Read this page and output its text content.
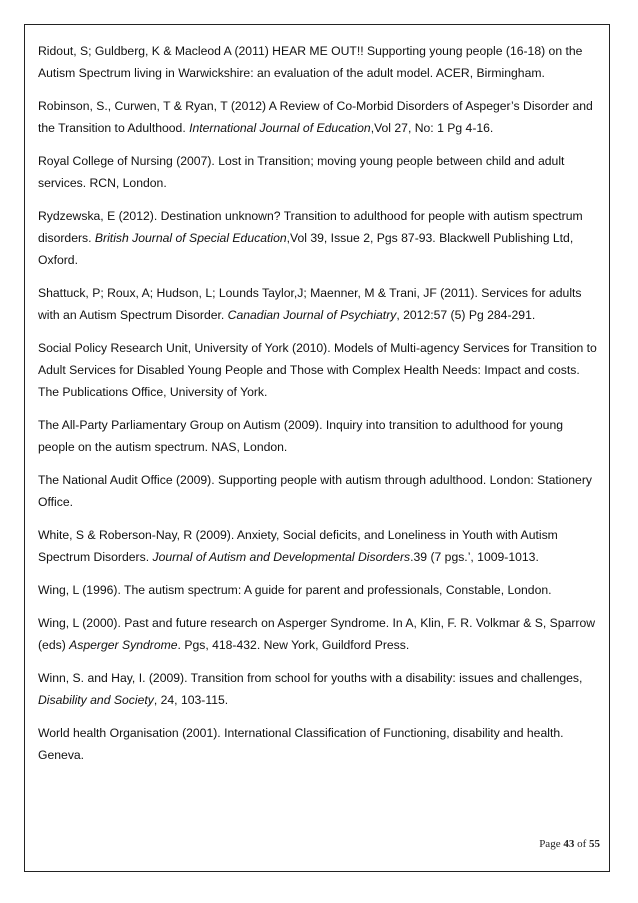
Ridout, S; Guldberg, K & Macleod A (2011) HEAR ME OUT!! Supporting young people (16-18) on the Autism Spectrum living in Warwickshire: an evaluation of the adult model. ACER, Birmingham.

Robinson, S., Curwen, T & Ryan, T (2012) A Review of Co-Morbid Disorders of Aspeger’s Disorder and the Transition to Adulthood. International Journal of Education,Vol 27, No: 1 Pg 4-16.

Royal College of Nursing (2007). Lost in Transition; moving young people between child and adult services. RCN, London.

Rydzewska, E (2012). Destination unknown? Transition to adulthood for people with autism spectrum disorders. British Journal of Special Education,Vol 39, Issue 2, Pgs 87-93. Blackwell Publishing Ltd, Oxford.

Shattuck, P; Roux, A; Hudson, L; Lounds Taylor,J; Maenner, M & Trani, JF (2011). Services for adults with an Autism Spectrum Disorder. Canadian Journal of Psychiatry, 2012:57 (5) Pg 284-291.

Social Policy Research Unit, University of York (2010). Models of Multi-agency Services for Transition to Adult Services for Disabled Young People and Those with Complex Health Needs: Impact and costs. The Publications Office, University of York.

The All-Party Parliamentary Group on Autism (2009). Inquiry into transition to adulthood for young people on the autism spectrum. NAS, London.

The National Audit Office (2009). Supporting people with autism through adulthood. London: Stationery Office.

White, S & Roberson-Nay, R (2009). Anxiety, Social deficits, and Loneliness in Youth with Autism Spectrum Disorders. Journal of Autism and Developmental Disorders.39 (7 pgs.’, 1009-1013.

Wing, L (1996). The autism spectrum: A guide for parent and professionals, Constable, London.

Wing, L (2000). Past and future research on Asperger Syndrome. In A, Klin, F. R. Volkmar & S, Sparrow (eds) Asperger Syndrome. Pgs, 418-432. New York, Guildford Press.

Winn, S. and Hay, I. (2009). Transition from school for youths with a disability: issues and challenges, Disability and Society, 24, 103-115.

World health Organisation (2001). International Classification of Functioning, disability and health. Geneva.

Page 43 of 55
